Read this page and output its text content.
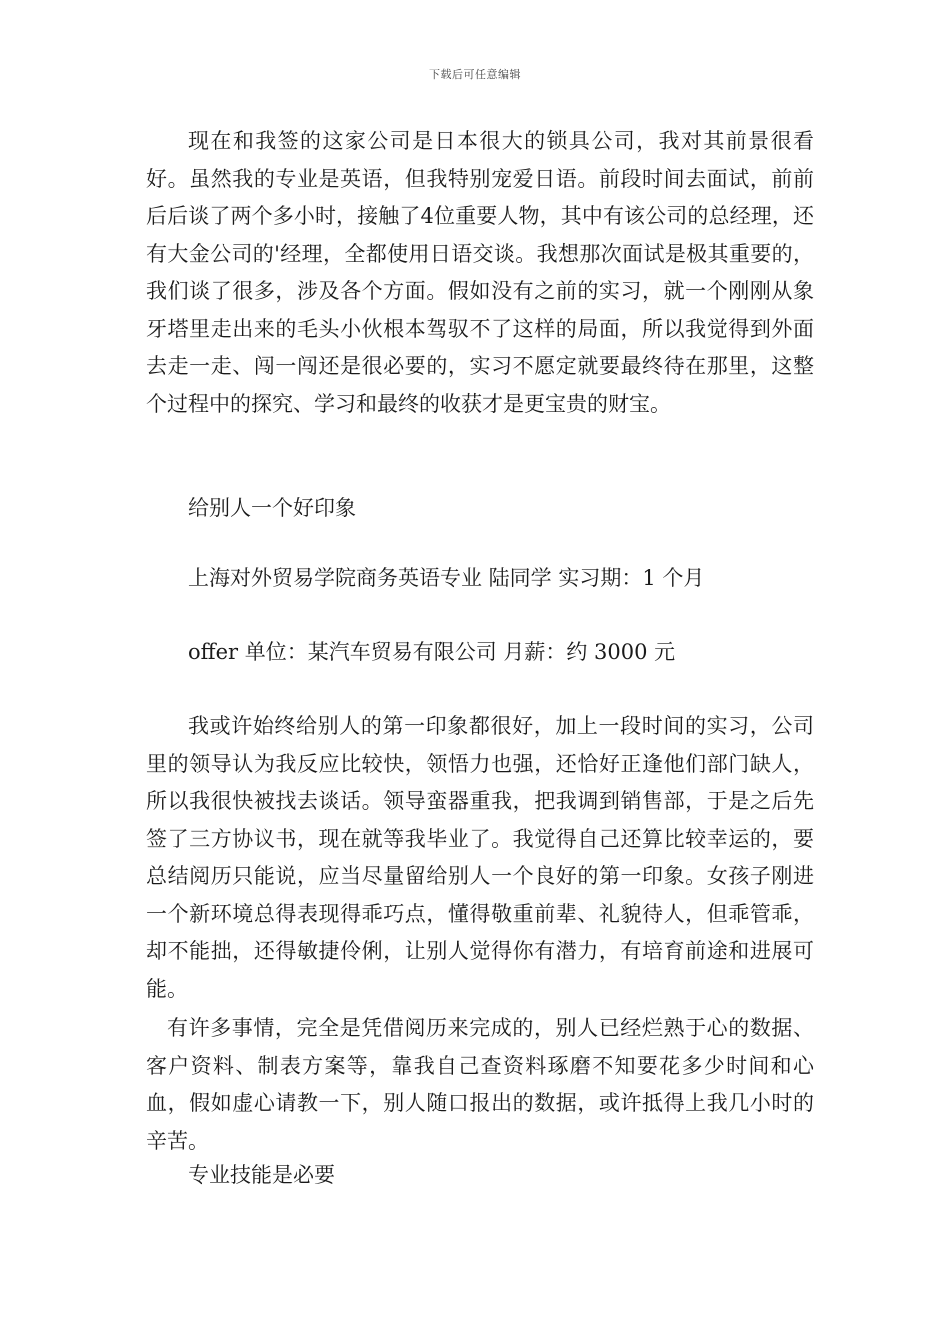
下载后可任意编辑

现在和我签的这家公司是日本很大的锁具公司，我对其前景很看好。虽然我的专业是英语，但我特别宠爱日语。前段时间去面试，前前后后谈了两个多小时，接触了4位重要人物，其中有该公司的总经理，还有大金公司的'经理，全都使用日语交谈。我想那次面试是极其重要的，我们谈了很多，涉及各个方面。假如没有之前的实习，就一个刚刚从象牙塔里走出来的毛头小伙根本驾驭不了这样的局面，所以我觉得到外面去走一走、闯一闯还是很必要的，实习不愿定就要最终待在那里，这整个过程中的探究、学习和最终的收获才是更宝贵的财宝。

给别人一个好印象
上海对外贸易学院商务英语专业 陆同学 实习期：1 个月
offer 单位：某汽车贸易有限公司 月薪：约 3000 元

我或许始终给别人的第一印象都很好，加上一段时间的实习，公司里的领导认为我反应比较快，领悟力也强，还恰好正逢他们部门缺人，所以我很快被找去谈话。领导蛮器重我，把我调到销售部，于是之后先签了三方协议书，现在就等我毕业了。我觉得自己还算比较幸运的，要总结阅历只能说，应当尽量留给别人一个良好的第一印象。女孩子刚进一个新环境总得表现得乖巧点，懂得敬重前辈、礼貌待人，但乖管乖，却不能拙，还得敏捷伶俐，让别人觉得你有潜力，有培育前途和进展可能。

有许多事情，完全是凭借阅历来完成的，别人已经烂熟于心的数据、客户资料、制表方案等，靠我自己查资料琢磨不知要花多少时间和心血，假如虚心请教一下，别人随口报出的数据，或许抵得上我几小时的辛苦。

专业技能是必要
